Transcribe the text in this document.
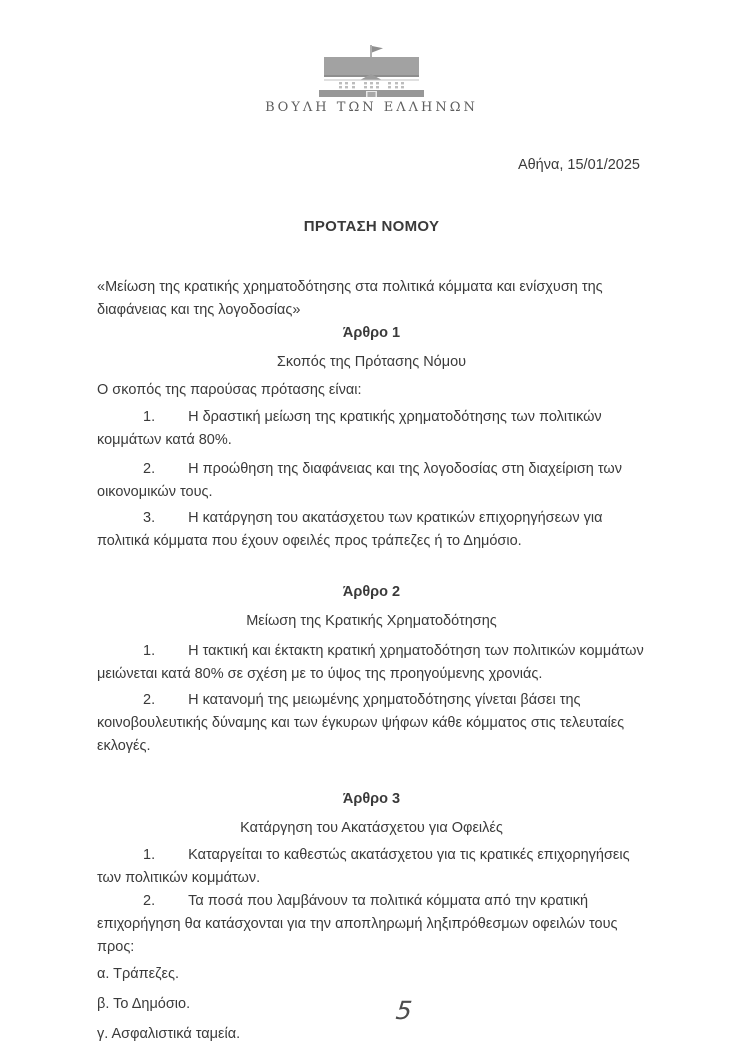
ΒΟΥΛΗ ΤΩΝ ΕΛΛΗΝΩΝ
Αθήνα, 15/01/2025
ΠΡΟΤΑΣΗ ΝΟΜΟΥ

«Μείωση της κρατικής χρηματοδότησης στα πολιτικά κόμματα και ενίσχυση της διαφάνειας και της λογοδοσίας»

Άρθρο 1
Σκοπός της Πρότασης Νόμου

Ο σκοπός της παρούσας πρότασης είναι:

1. Η δραστική μείωση της κρατικής χρηματοδότησης των πολιτικών κομμάτων κατά 80%.

2. Η προώθηση της διαφάνειας και της λογοδοσίας στη διαχείριση των οικονομικών τους.

3. Η κατάργηση του ακατάσχετου των κρατικών επιχορηγήσεων για πολιτικά κόμματα που έχουν οφειλές προς τράπεζες ή το Δημόσιο.

Άρθρο 2
Μείωση της Κρατικής Χρηματοδότησης

1. Η τακτική και έκτακτη κρατική χρηματοδότηση των πολιτικών κομμάτων μειώνεται κατά 80% σε σχέση με το ύψος της προηγούμενης χρονιάς.

2. Η κατανομή της μειωμένης χρηματοδότησης γίνεται βάσει της κοινοβουλευτικής δύναμης και των έγκυρων ψήφων κάθε κόμματος στις τελευταίες εκλογές.

Άρθρο 3
Κατάργηση του Ακατάσχετου για Οφειλές

1. Καταργείται το καθεστώς ακατάσχετου για τις κρατικές επιχορηγήσεις των πολιτικών κομμάτων.

2. Τα ποσά που λαμβάνουν τα πολιτικά κόμματα από την κρατική επιχορήγηση θα κατάσχονται για την αποπληρωμή ληξιπρόθεσμων οφειλών τους προς:

α. Τράπεζες.

β. Το Δημόσιο.

γ. Ασφαλιστικά ταμεία.

5
